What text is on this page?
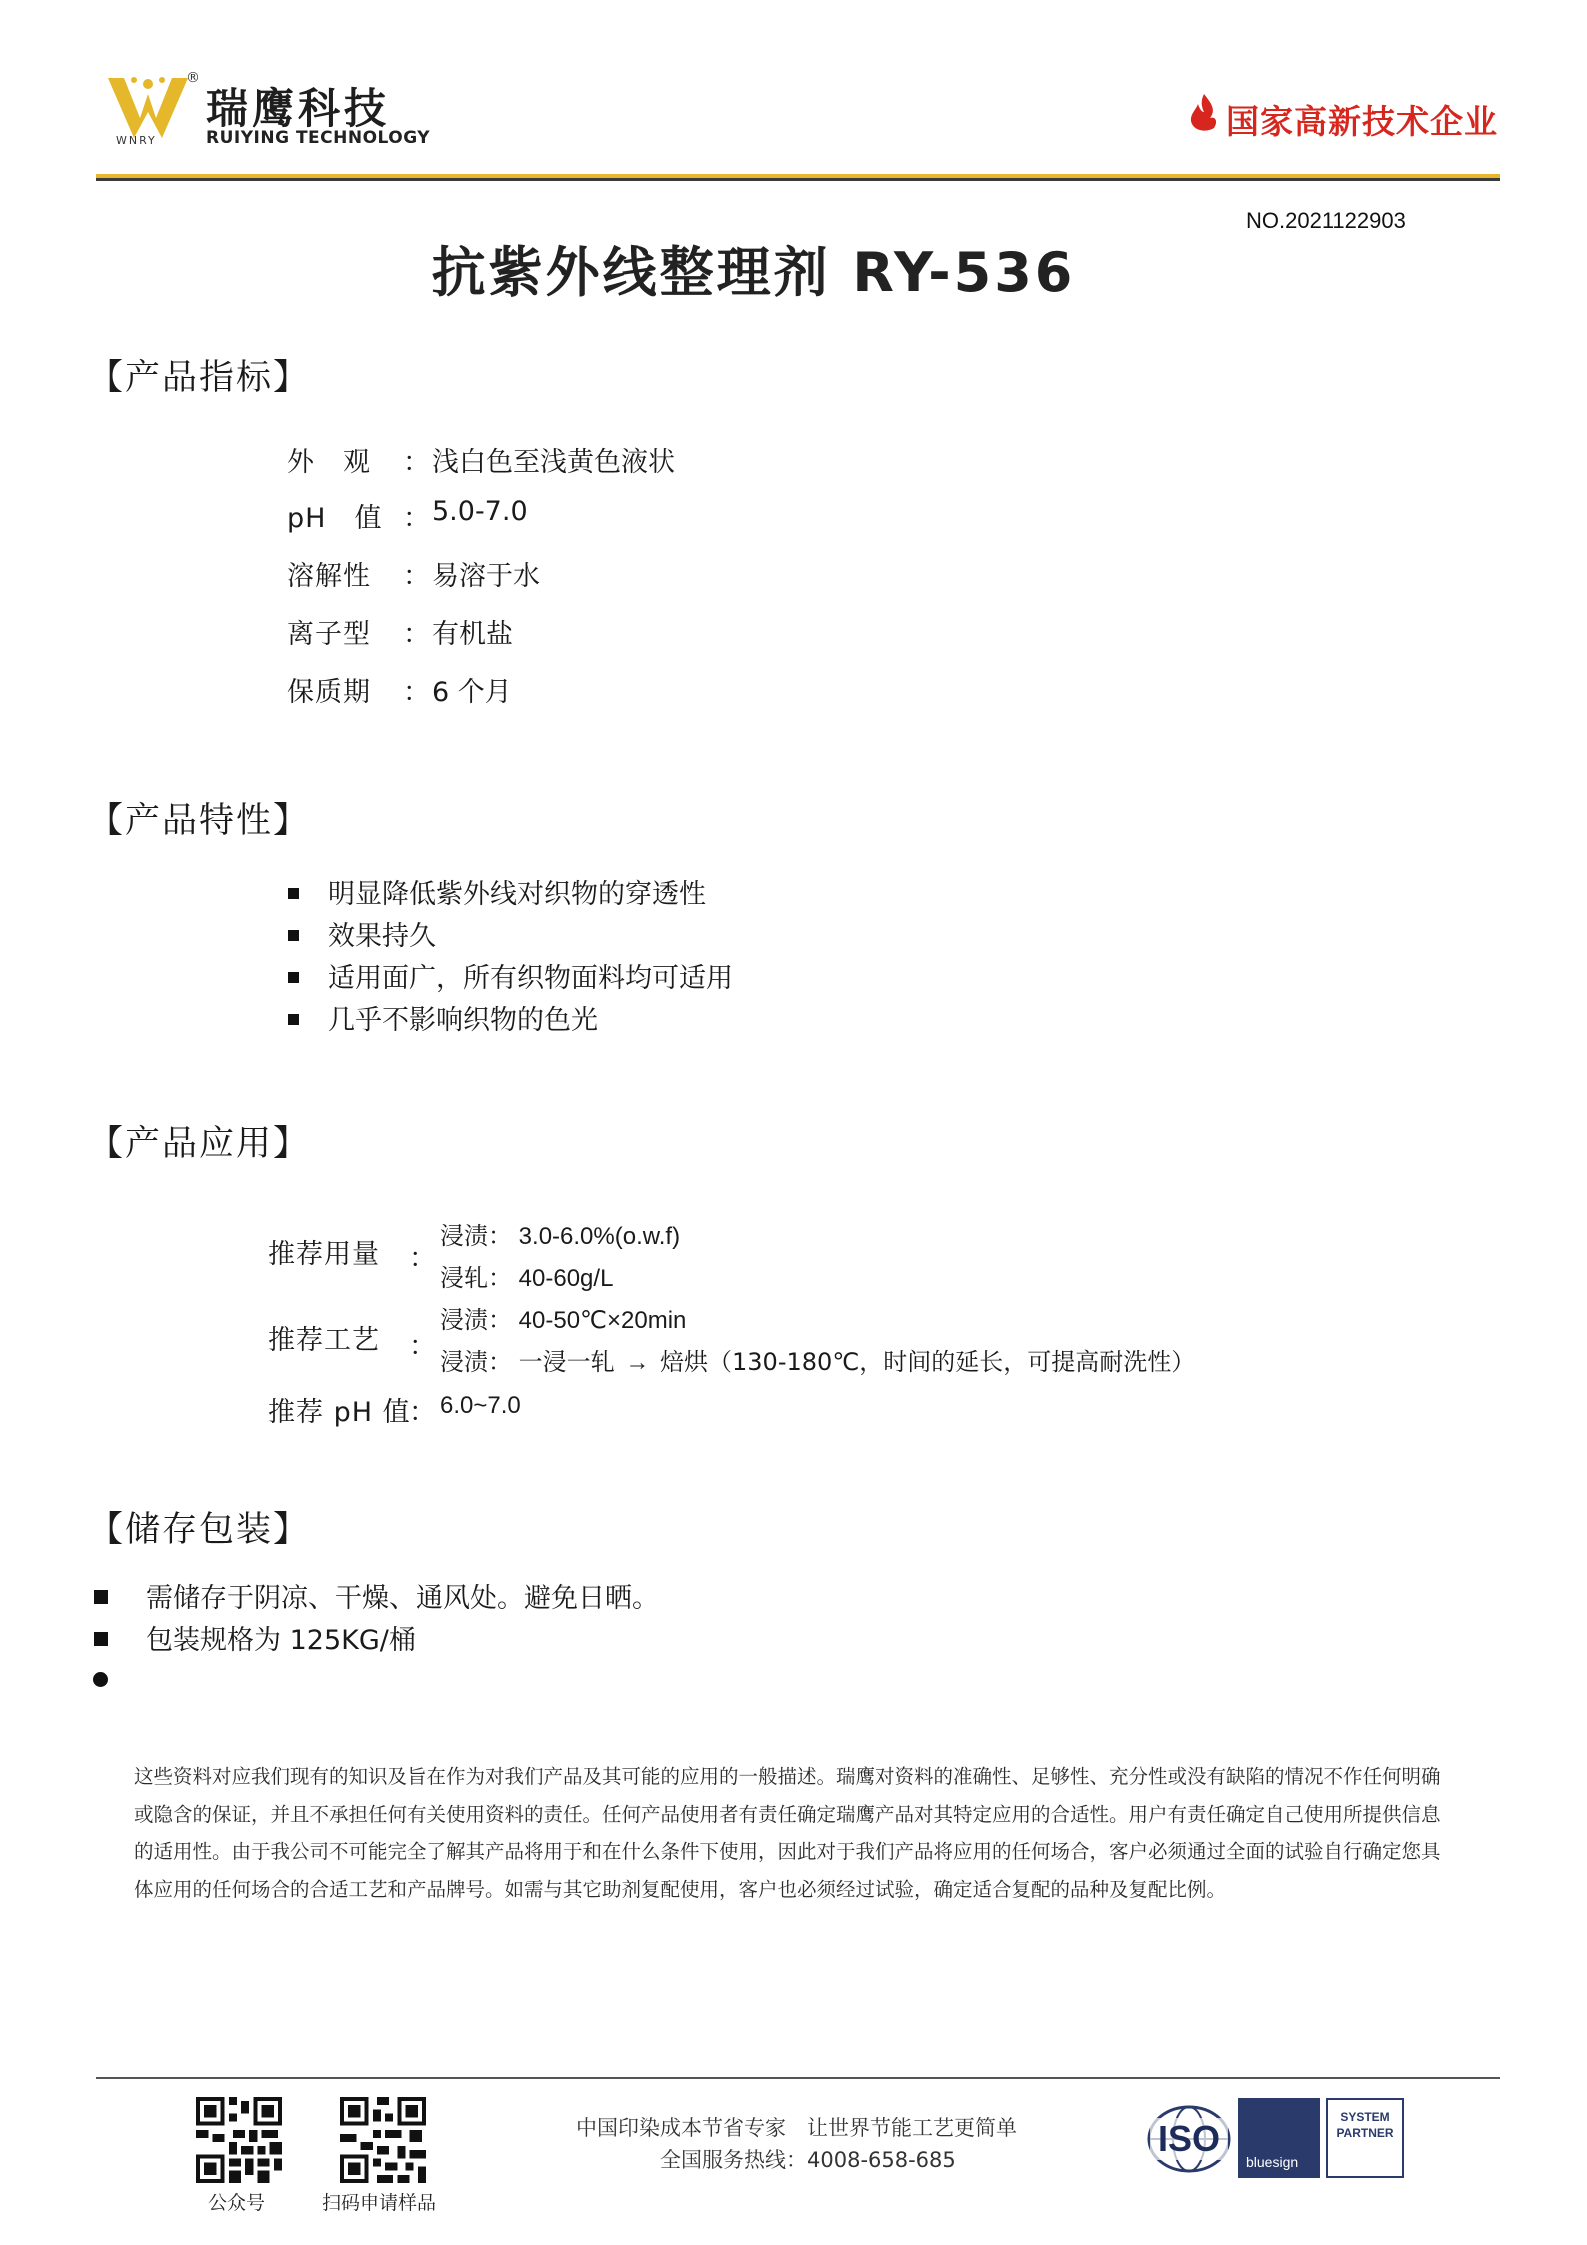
®
WNRY
瑞鹰科技
RUIYING TECHNOLOGY	国家高新技术企业
NO.2021122903
抗紫外线整理剂 RY-536
【产品指标】
外　观 ： 浅白色至浅黄色液状
pH　值 ： 5.0-7.0
溶解性 ： 易溶于水
离子型 ： 有机盐
保质期 ： 6 个月
【产品特性】
明显降低紫外线对织物的穿透性
效果持久
适用面广，所有织物面料均可适用
几乎不影响织物的色光
【产品应用】
推荐用量 ：
浸渍： 3.0-6.0%(o.w.f)
浸轧： 40-60g/L
推荐工艺 ：
浸渍： 40-50℃×20min
浸渍： 一浸一轧 → 焙烘（130-180℃，时间的延长，可提高耐洗性）
推荐 pH 值
： 6.0~7.0
【储存包装】
需储存于阴凉、干燥、通风处。避免日晒。
包装规格为 125KG/桶
这些资料对应我们现有的知识及旨在作为对我们产品及其可能的应用的一般描述。瑞鹰对资料的准确性、足够性、充分性或没有缺陷的情况不作任何明确或隐含的保证，并且不承担任何有关使用资料的责任。任何产品使用者有责任确定瑞鹰产品对其特定应用的合适性。用户有责任确定自己使用所提供信息的适用性。由于我公司不可能完全了解其产品将用于和在什么条件下使用，因此对于我们产品将应用的任何场合，客户必须通过全面的试验自行确定您具体应用的任何场合的合适工艺和产品牌号。如需与其它助剂复配使用，客户也必须经过试验，确定适合复配的品种及复配比例。
公众号	扫码申请样品
中国印染成本节省专家　让世界节能工艺更简单
全国服务热线：4008-658-685
ISO
bluesign
SYSTEM
PARTNER
